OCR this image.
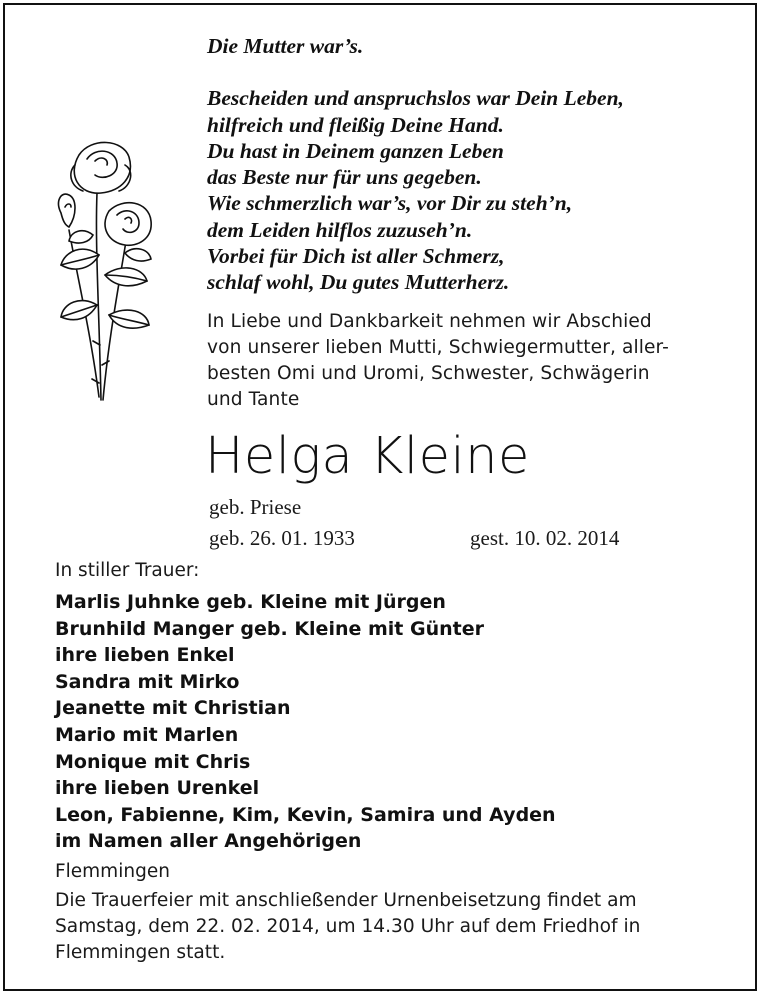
Die Mutter war’s.
Bescheiden und anspruchslos war Dein Leben,
hilfreich und fleißig Deine Hand.
Du hast in Deinem ganzen Leben
das Beste nur für uns gegeben.
Wie schmerzlich war’s, vor Dir zu steh’n,
dem Leiden hilflos zuzuseh’n.
Vorbei für Dich ist aller Schmerz,
schlaf wohl, Du gutes Mutterherz.
In Liebe und Dankbarkeit nehmen wir Abschied
von unserer lieben Mutti, Schwiegermutter, aller-
besten Omi und Uromi, Schwester, Schwägerin
und Tante
Helga Kleine
geb. Priese
geb. 26. 01. 1933	gest. 10. 02. 2014
In stiller Trauer:
Marlis Juhnke geb. Kleine mit Jürgen
Brunhild Manger geb. Kleine mit Günter
ihre lieben Enkel
Sandra mit Mirko
Jeanette mit Christian
Mario mit Marlen
Monique mit Chris
ihre lieben Urenkel
Leon, Fabienne, Kim, Kevin, Samira und Ayden
im Namen aller Angehörigen
Flemmingen
Die Trauerfeier mit anschließender Urnenbeisetzung findet am
Samstag, dem 22. 02. 2014, um 14.30 Uhr auf dem Friedhof in
Flemmingen statt.
